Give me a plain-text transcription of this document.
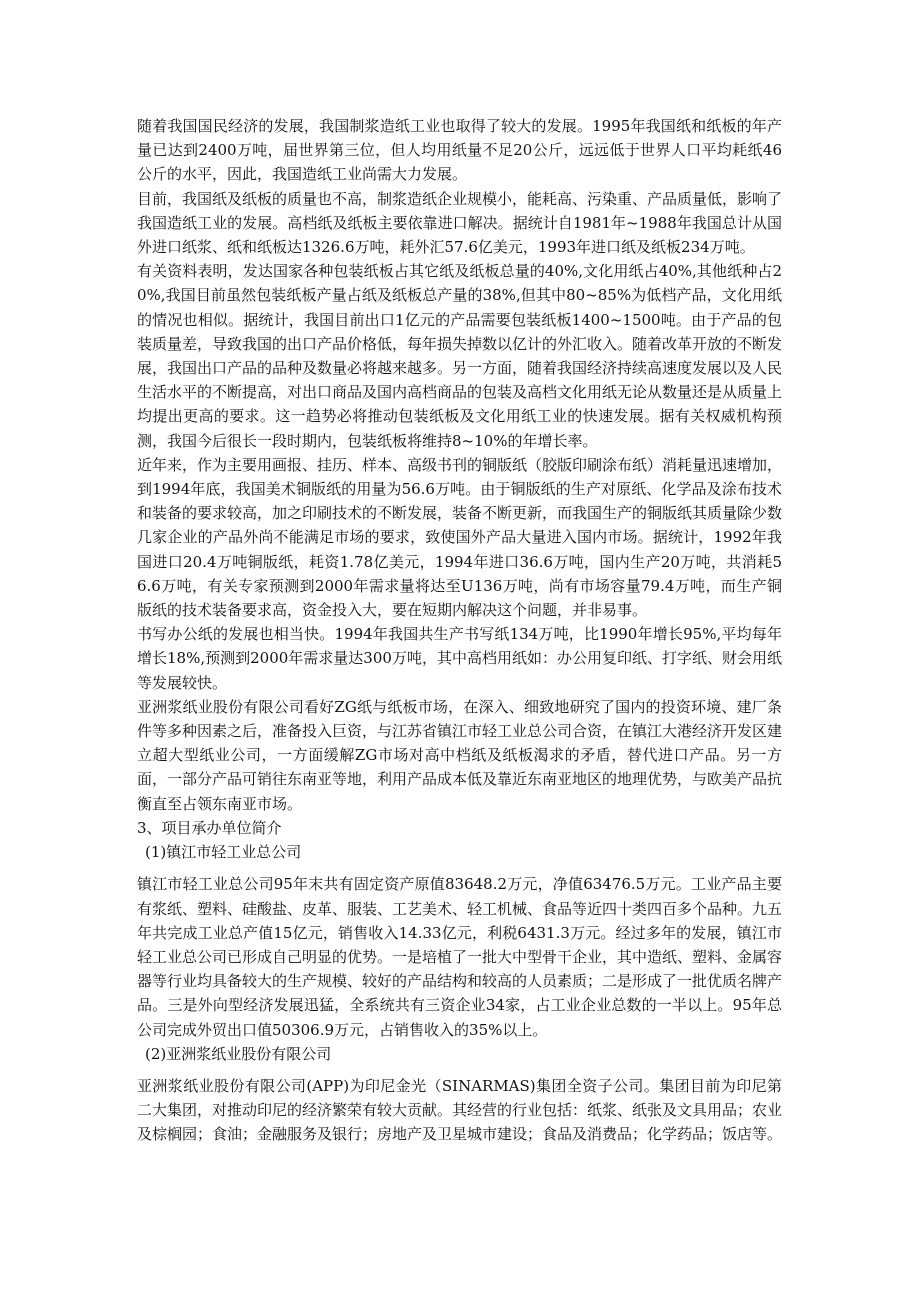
随着我国国民经济的发展，我国制浆造纸工业也取得了较大的发展。1995年我国纸和纸板的年产量已达到2400万吨，届世界第三位，但人均用纸量不足20公斤，远远低于世界人口平均耗纸46公斤的水平，因此，我国造纸工业尚需大力发展。

目前，我国纸及纸板的质量也不高，制浆造纸企业规模小，能耗高、污染重、产品质量低，影响了我国造纸工业的发展。高档纸及纸板主要依靠进口解决。据统计自1981年~1988年我国总计从国外进口纸浆、纸和纸板达1326.6万吨，耗外汇57.6亿美元，1993年进口纸及纸板234万吨。

有关资料表明，发达国家各种包装纸板占其它纸及纸板总量的40%,文化用纸占40%,其他纸种占20%,我国目前虽然包装纸板产量占纸及纸板总产量的38%,但其中80~85%为低档产品，文化用纸的情况也相似。据统计，我国目前出口1亿元的产品需要包装纸板1400~1500吨。由于产品的包装质量差，导致我国的出口产品价格低，每年损失掉数以亿计的外汇收入。随着改革开放的不断发展，我国出口产品的品种及数量必将越来越多。另一方面，随着我国经济持续高速度发展以及人民生活水平的不断提高，对出口商品及国内高档商品的包装及高档文化用纸无论从数量还是从质量上均提出更高的要求。这一趋势必将推动包装纸板及文化用纸工业的快速发展。据有关权威机构预测，我国今后很长一段时期内，包装纸板将维持8~10%的年增长率。

近年来，作为主要用画报、挂历、样本、高级书刊的铜版纸（胶版印刷涂布纸）消耗量迅速增加，到1994年底，我国美术铜版纸的用量为56.6万吨。由于铜版纸的生产对原纸、化学品及涂布技术和装备的要求较高，加之印刷技术的不断发展，装备不断更新，而我国生产的铜版纸其质量除少数几家企业的产品外尚不能满足市场的要求，致使国外产品大量进入国内市场。据统计，1992年我国进口20.4万吨铜版纸，耗资1.78亿美元，1994年进口36.6万吨，国内生产20万吨，共消耗56.6万吨，有关专家预测到2000年需求量将达至U136万吨，尚有市场容量79.4万吨，而生产铜版纸的技术装备要求高，资金投入大，要在短期内解决这个问题，并非易事。

书写办公纸的发展也相当快。1994年我国共生产书写纸134万吨，比1990年增长95%,平均每年增长18%,预测到2000年需求量达300万吨，其中高档用纸如：办公用复印纸、打字纸、财会用纸等发展较快。

亚洲浆纸业股份有限公司看好ZG纸与纸板市场，在深入、细致地研究了国内的投资环境、建厂条件等多种因素之后，准备投入巨资，与江苏省镇江市轻工业总公司合资，在镇江大港经济开发区建立超大型纸业公司，一方面缓解ZG市场对高中档纸及纸板渴求的矛盾，替代进口产品。另一方面，一部分产品可销往东南亚等地，利用产品成本低及靠近东南亚地区的地理优势，与欧美产品抗衡直至占领东南亚市场。

3、项目承办单位简介

(1)镇江市轻工业总公司

镇江市轻工业总公司95年末共有固定资产原值83648.2万元，净值63476.5万元。工业产品主要有浆纸、塑料、硅酸盐、皮革、服装、工艺美术、轻工机械、食品等近四十类四百多个品种。九五年共完成工业总产值15亿元，销售收入14.33亿元，利税6431.3万元。经过多年的发展，镇江市轻工业总公司已形成自己明显的优势。一是培植了一批大中型骨干企业，其中造纸、塑料、金属容器等行业均具备较大的生产规模、较好的产品结构和较高的人员素质；二是形成了一批优质名牌产品。三是外向型经济发展迅猛，全系统共有三资企业34家，占工业企业总数的一半以上。95年总公司完成外贸出口值50306.9万元，占销售收入的35%以上。

(2)亚洲浆纸业股份有限公司

亚洲浆纸业股份有限公司(APP)为印尼金光（SINARMAS)集团全资子公司。集团目前为印尼第二大集团，对推动印尼的经济繁荣有较大贡献。其经营的行业包括：纸浆、纸张及文具用品；农业及棕榈园；食油；金融服务及银行；房地产及卫星城市建设；食品及消费品；化学药品；饭店等。
